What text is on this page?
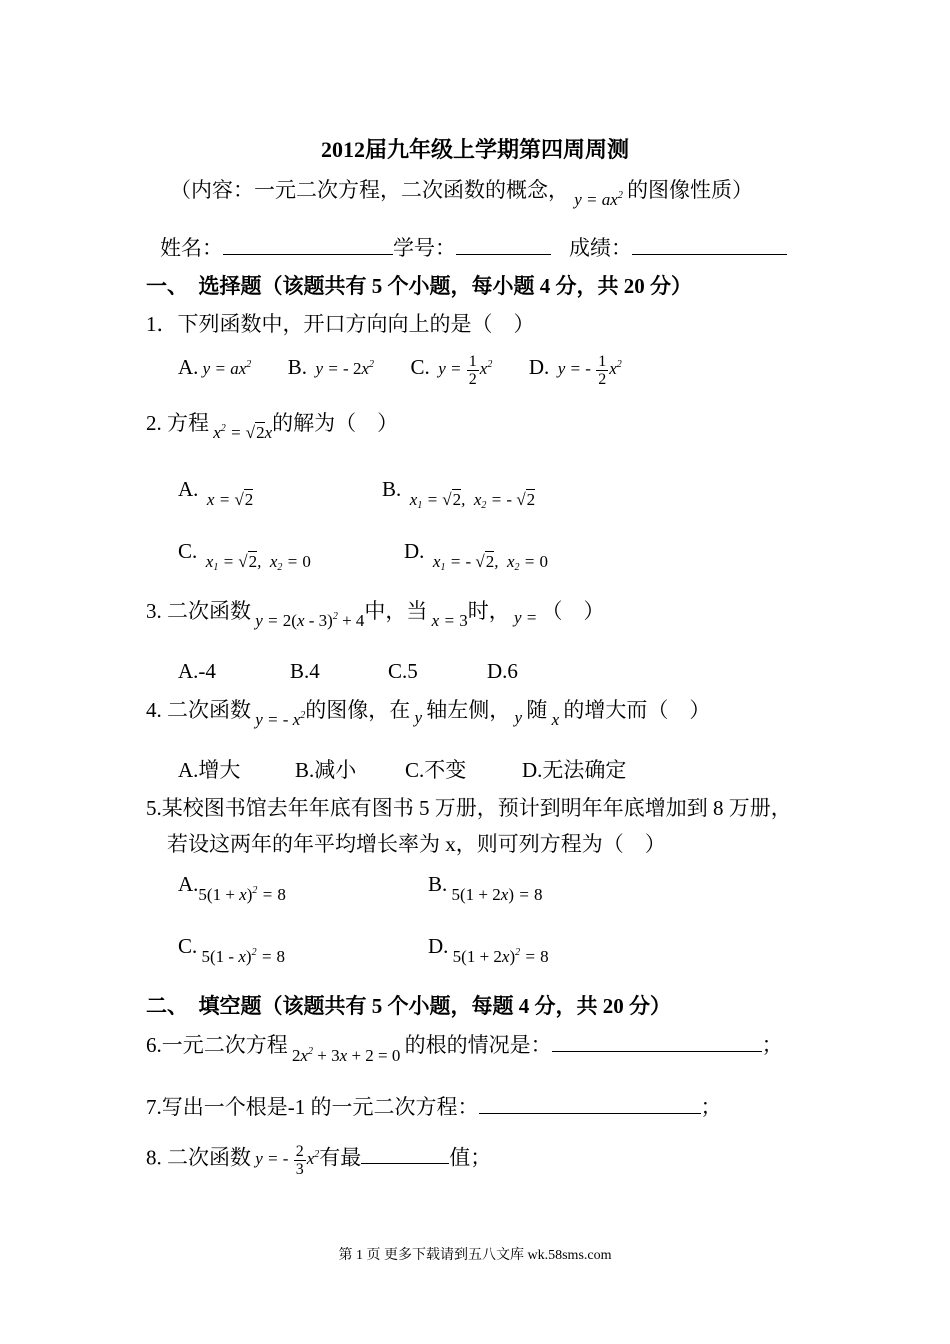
2012届九年级上学期第四周周测
（内容：一元二次方程，二次函数的概念， $_{y = ax^2}$ 的图像性质）
姓名：	学号：	成绩：
一、　选择题（该题共有 5 个小题，每小题 4 分，共 20 分）
1．下列函数中，开口方向向上的是（　）
A. $y = ax^2$ B.  y = - $2x^2$ C.  $y = \frac{1}{2} x^2$ D.  y = - $\frac{1}{2} x^2$
2. 方程 $_{x^2 = √2x}$的解为（　）
A.  $_{x = √2}$	B.  $_{x_1 = √2, x_2 = - √2}$
C.  $_{x_1 = √2, x_2 = 0}$	D.  $_{x_1 = - √2, x_2 = 0}$
3. 二次函数 $_{y = 2(x - 3)^2 + 4}$中，当 $_{x = 3}$时， $_{y =}$ （　）
A.-4	B.4	C.5	D.6
4. 二次函数 $_{y = - x^2}$的图像，在 $_y$ 轴左侧， $_y$ 随 $_x$ 的增大而（　）
A.增大	B.减小 C.不变	D.无法确定
5.某校图书馆去年年底有图书 5 万册，预计到明年年底增加到 8 万册，
若设这两年的年平均增长率为 x，则可列方程为（　）
$A._{5(1 + x)^2 = 8}$	B. $_{5(1 + 2x) = 8}$
C. $_{5(1 - x)^2 = 8}$	D. $_{5(1 + 2x)^2 = 8}$
二、　填空题（该题共有 5 个小题，每题 4 分，共 20 分）
6.一元二次方程 $_{2x^2 + 3x + 2 = 0}$ 的根的情况是：	；
7.写出一个根是-1 的一元二次方程：	；
8. 二次函数 y = - $\frac{2}{3} x^2$有最	值；
第 1 页 更多下载请到五八文库 wk.58sms.com
